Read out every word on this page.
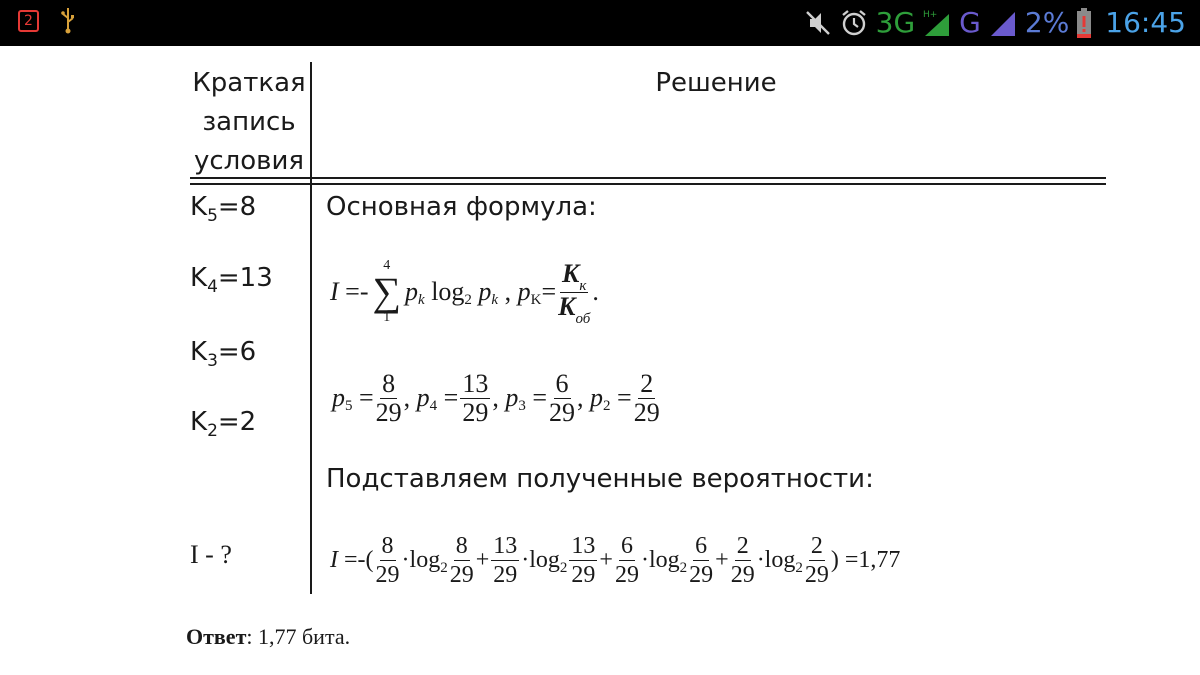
2	3G H+ G 2% 16:45
Краткая
запись
условия
Решение
$K_5=8$
$K_4=13$
$K_3=6$
$K_2=2$
I - ?
Основная формула:
I
=-
4
∑
1
p k
log 2
p k
,
p $K = \frac{K_к}{K_{об}}$ .
p $5 = \frac{8}{29}$ , p $4 = \frac{13}{29}$ , p $3 = \frac{6}{29}$ , p $2 = \frac{2}{29}$
Подставляем полученные вероятности:
I
=-( $\frac{8}{29} \cdot\log$ $2 \frac{8}{29} + \frac{13}{29} \cdot\log$ $2 \frac{13}{29} + \frac{6}{29} \cdot\log$ $2 \frac{6}{29} + \frac{2}{29} \cdot\log$ $2 \frac{2}{29}$ ) =1,77
Ответ: 1,77 бита.
